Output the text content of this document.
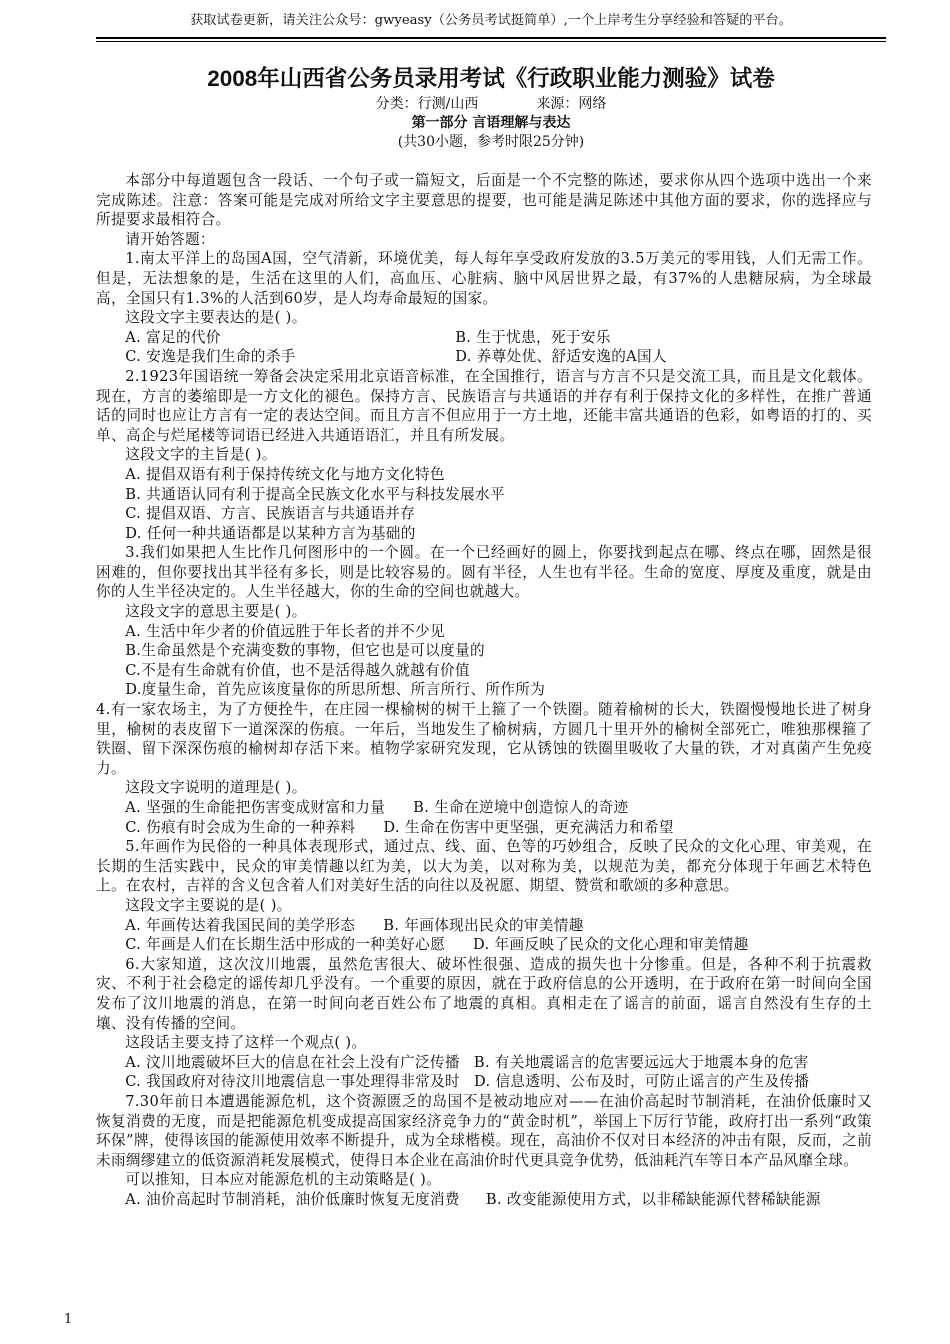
获取试卷更新，请关注公众号：gwyeasy（公务员考试挺简单）,一个上岸考生分享经验和答疑的平台。
2008年山西省公务员录用考试《行政职业能力测验》试卷
分类：行测/山西	来源：网络
第一部分 言语理解与表达
(共30小题，参考时限25分钟)

本部分中每道题包含一段话、一个句子或一篇短文，后面是一个不完整的陈述，要求你从四个选项中选出一个来完成陈述。注意：答案可能是完成对所给文字主要意思的提要，也可能是满足陈述中其他方面的要求，你的选择应与所提要求最相符合。

请开始答题：

1.南太平洋上的岛国A国，空气清新，环境优美，每人每年享受政府发放的3.5万美元的零用钱，人们无需工作。但是，无法想象的是，生活在这里的人们，高血压、心脏病、脑中风居世界之最，有37%的人患糖尿病，为全球最高，全国只有1.3%的人活到60岁，是人均寿命最短的国家。

这段文字主要表达的是( )。

A. 富足的代价	B. 生于忧患，死于安乐
C. 安逸是我们生命的杀手	D. 养尊处优、舒适安逸的A国人

2.1923年国语统一筹备会决定采用北京语音标准，在全国推行，语言与方言不只是交流工具，而且是文化载体。现在，方言的萎缩即是一方文化的褪色。保持方言、民族语言与共通语的并存有利于保持文化的多样性，在推广普通话的同时也应让方言有一定的表达空间。而且方言不但应用于一方土地，还能丰富共通语的色彩，如粤语的打的、买单、高企与烂尾楼等词语已经进入共通语语汇，并且有所发展。

这段文字的主旨是( )。

A. 提倡双语有利于保持传统文化与地方文化特色

B. 共通语认同有利于提高全民族文化水平与科技发展水平

C. 提倡双语、方言、民族语言与共通语并存

D. 任何一种共通语都是以某种方言为基础的

3.我们如果把人生比作几何图形中的一个圆。在一个已经画好的圆上，你要找到起点在哪、终点在哪，固然是很困难的，但你要找出其半径有多长，则是比较容易的。圆有半径，人生也有半径。生命的宽度、厚度及重度，就是由你的人生半径决定的。人生半径越大，你的生命的空间也就越大。

这段文字的意思主要是( )。

A. 生活中年少者的价值远胜于年长者的并不少见

B.生命虽然是个充满变数的事物，但它也是可以度量的

C.不是有生命就有价值，也不是活得越久就越有价值

D.度量生命，首先应该度量你的所思所想、所言所行、所作所为

4.有一家农场主，为了方便拴牛，在庄园一棵榆树的树干上箍了一个铁圈。随着榆树的长大，铁圈慢慢地长进了树身里，榆树的表皮留下一道深深的伤痕。一年后，当地发生了榆树病，方圆几十里开外的榆树全部死亡，唯独那棵箍了铁圈、留下深深伤痕的榆树却存活下来。植物学家研究发现，它从锈蚀的铁圈里吸收了大量的铁，才对真菌产生免疫力。

这段文字说明的道理是( )。

A. 坚强的生命能把伤害变成财富和力量 B. 生命在逆境中创造惊人的奇迹
C. 伤痕有时会成为生命的一种养料 D. 生命在伤害中更坚强，更充满活力和希望

5.年画作为民俗的一种具体表现形式，通过点、线、面、色等的巧妙组合，反映了民众的文化心理、审美观，在长期的生活实践中，民众的审美情趣以红为美，以大为美，以对称为美，以规范为美，都充分体现于年画艺术特色上。在农村，吉祥的含义包含着人们对美好生活的向往以及祝愿、期望、赞赏和歌颂的多种意思。

这段文字主要说的是( )。

A. 年画传达着我国民间的美学形态 B. 年画体现出民众的审美情趣
C. 年画是人们在长期生活中形成的一种美好心愿 D. 年画反映了民众的文化心理和审美情趣

6.大家知道，这次汶川地震，虽然危害很大、破坏性很强、造成的损失也十分惨重。但是，各种不利于抗震救灾、不利于社会稳定的谣传却几乎没有。一个重要的原因，就在于政府信息的公开透明，在于政府在第一时间向全国发布了汶川地震的消息，在第一时间向老百姓公布了地震的真相。真相走在了谣言的前面，谣言自然没有生存的土壤、没有传播的空间。

这段话主要支持了这样一个观点( )。

A. 汶川地震破坏巨大的信息在社会上没有广泛传播 B. 有关地震谣言的危害要远远大于地震本身的危害
C. 我国政府对待汶川地震信息一事处理得非常及时 D. 信息透明、公布及时，可防止谣言的产生及传播

7.30年前日本遭遇能源危机，这个资源匮乏的岛国不是被动地应对——在油价高起时节制消耗，在油价低廉时又恢复消费的无度，而是把能源危机变成提高国家经济竞争力的“黄金时机”，举国上下厉行节能，政府打出一系列“政策环保”牌，使得该国的能源使用效率不断提升，成为全球楷模。现在，高油价不仅对日本经济的冲击有限，反而，之前未雨绸缪建立的低资源消耗发展模式，使得日本企业在高油价时代更具竞争优势，低油耗汽车等日本产品风靡全球。

可以推知，日本应对能源危机的主动策略是( )。

A. 油价高起时节制消耗，油价低廉时恢复无度消费 B. 改变能源使用方式，以非稀缺能源代替稀缺能源

1
